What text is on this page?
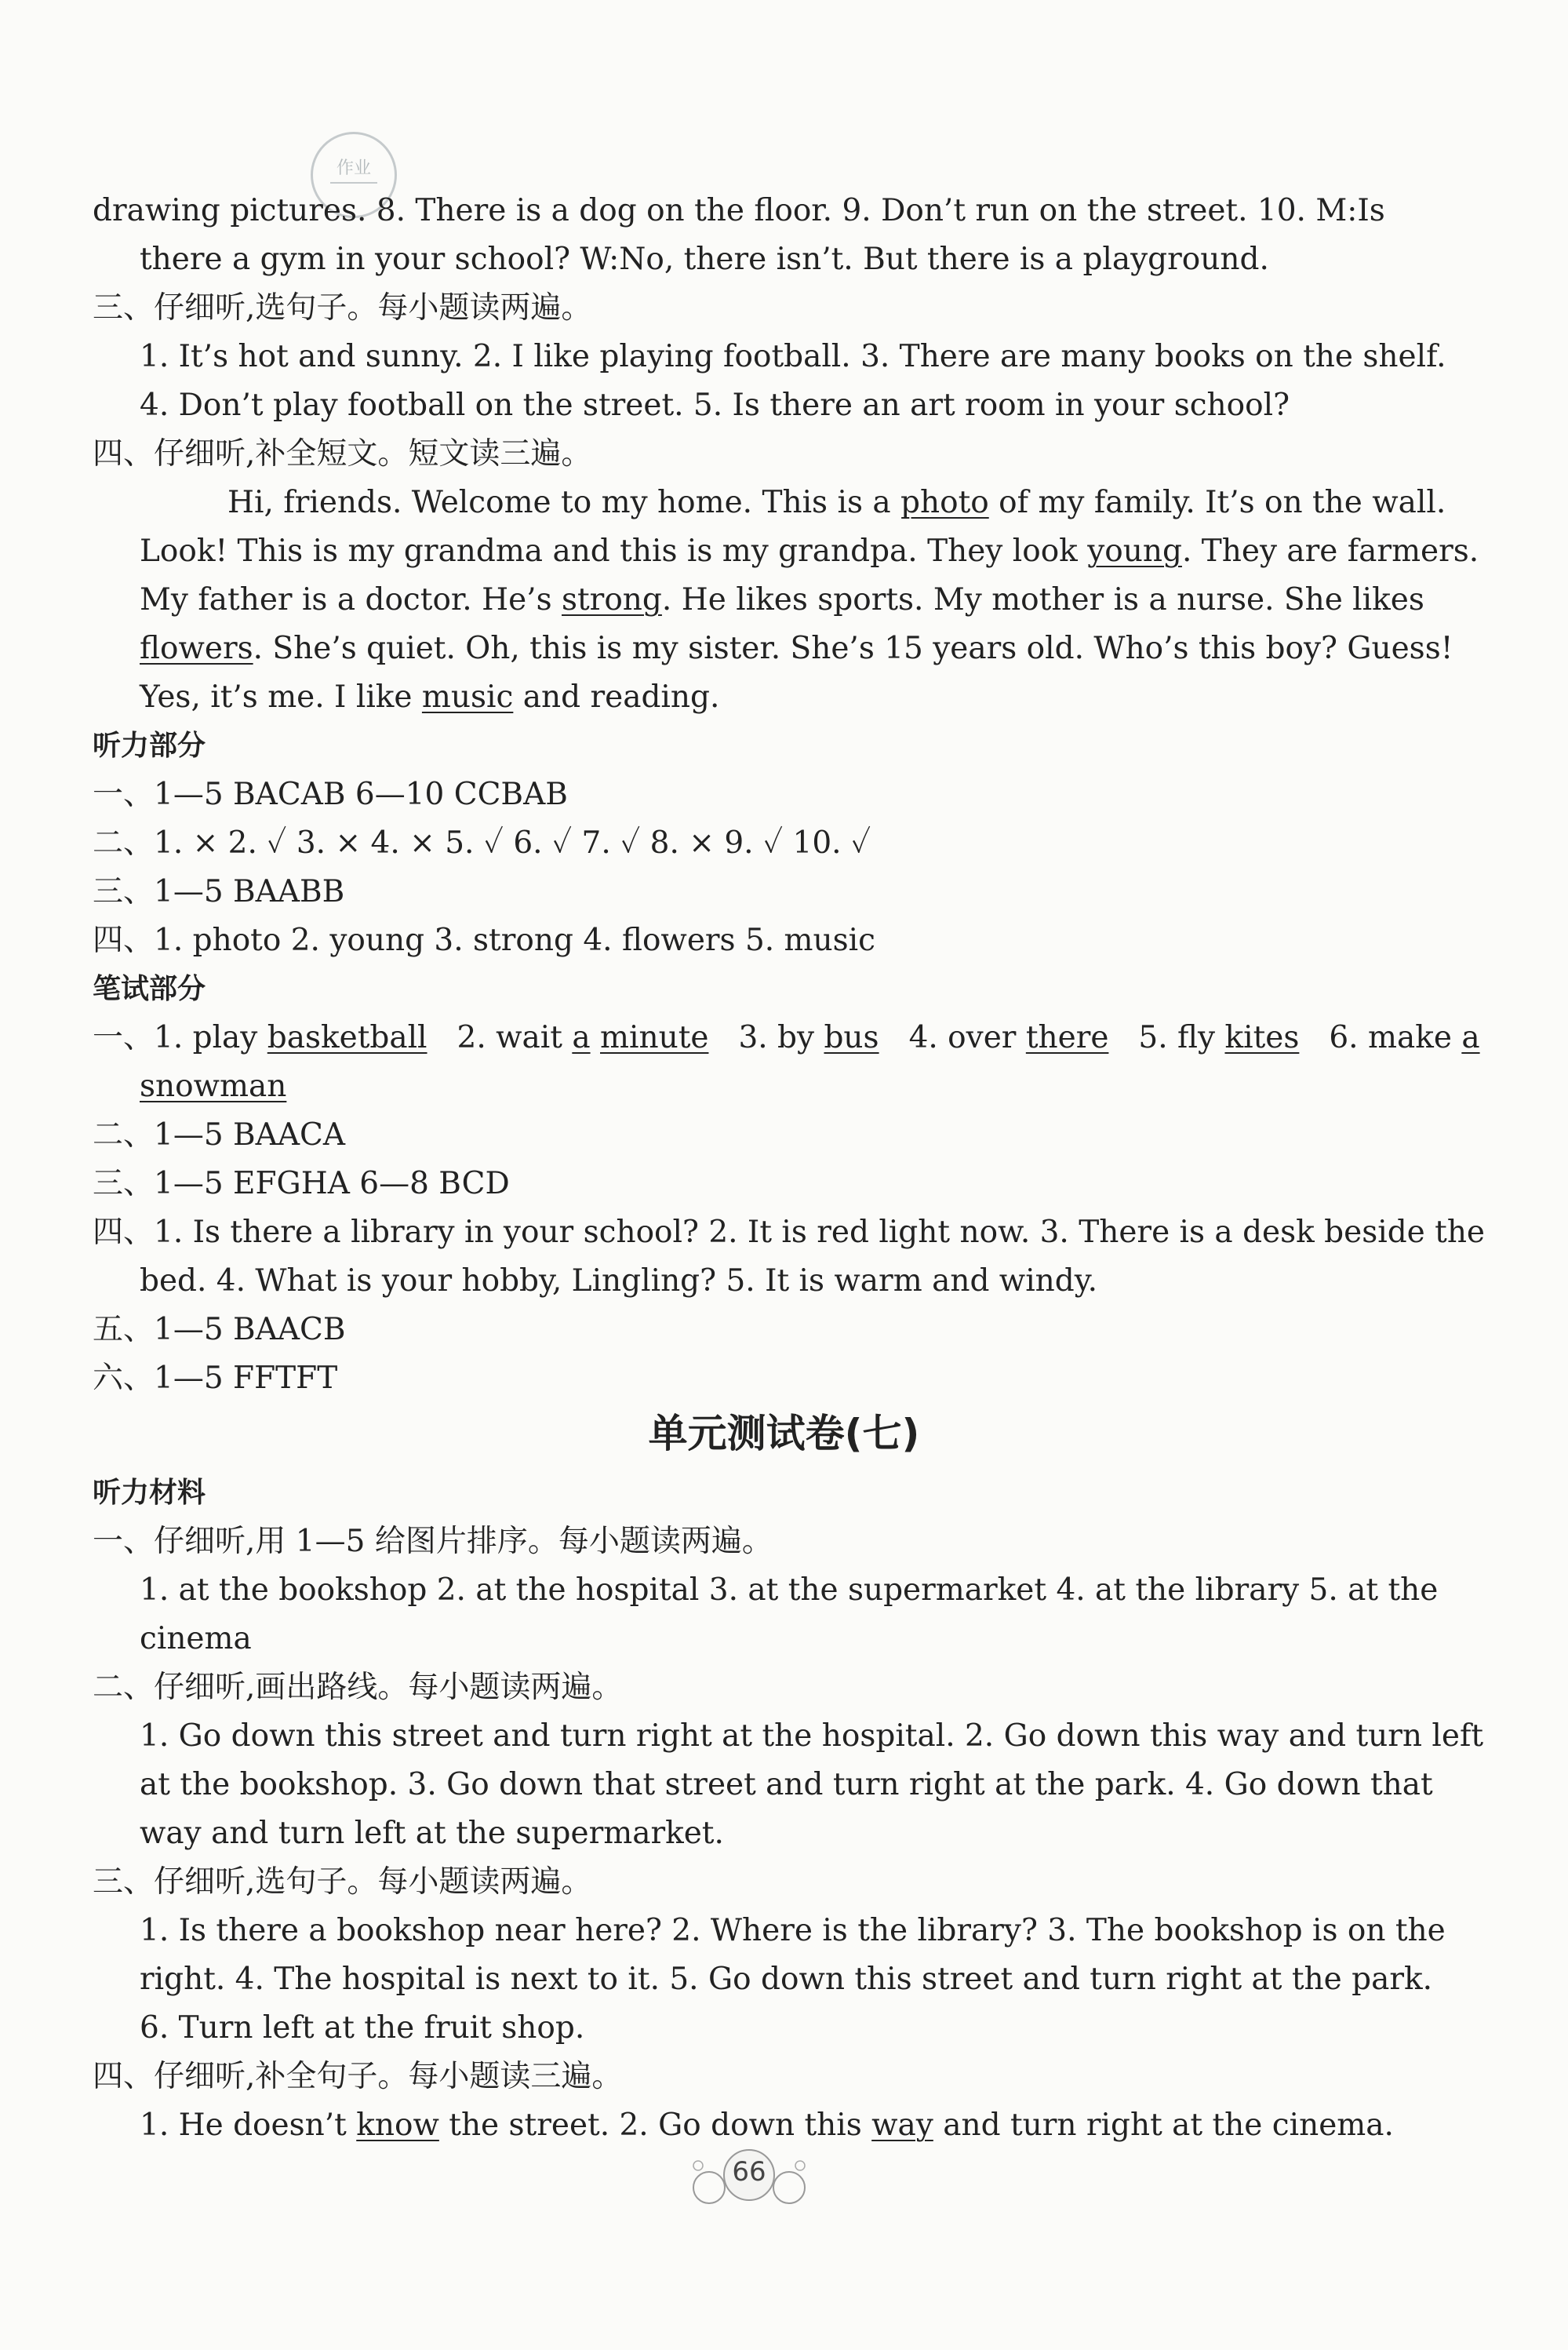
作业
drawing pictures. 8. There is a dog on the floor. 9. Don’t run on the street. 10. M:Is
there a gym in your school? W:No, there isn’t. But there is a playground.
三、仔细听,选句子。每小题读两遍。
1. It’s hot and sunny. 2. I like playing football. 3. There are many books on the shelf.
4. Don’t play football on the street. 5. Is there an art room in your school?
四、仔细听,补全短文。短文读三遍。
Hi, friends. Welcome to my home. This is a photo of my family. It’s on the wall.
Look! This is my grandma and this is my grandpa. They look young. They are farmers.
My father is a doctor. He’s strong. He likes sports. My mother is a nurse. She likes
flowers. She’s quiet. Oh, this is my sister. She’s 15 years old. Who’s this boy? Guess!
Yes, it’s me. I like music and reading.
听力部分
一、1—5 BACAB 6—10 CCBAB
二、1. × 2. ✓ 3. × 4. × 5. ✓ 6. ✓ 7. ✓ 8. × 9. ✓ 10. ✓
三、1—5 BAABB
四、1. photo 2. young 3. strong 4. flowers 5. music
笔试部分
一、1. play basketball 2. wait a minute 3. by bus 4. over there 5. fly kites 6. make a
snowman
二、1—5 BAACA
三、1—5 EFGHA 6—8 BCD
四、1. Is there a library in your school? 2. It is red light now. 3. There is a desk beside the
bed. 4. What is your hobby, Lingling? 5. It is warm and windy.
五、1—5 BAACB
六、1—5 FFTFT
单元测试卷(七)
听力材料
一、仔细听,用 1—5 给图片排序。每小题读两遍。
1. at the bookshop 2. at the hospital 3. at the supermarket 4. at the library 5. at the
cinema
二、仔细听,画出路线。每小题读两遍。
1. Go down this street and turn right at the hospital. 2. Go down this way and turn left
at the bookshop. 3. Go down that street and turn right at the park. 4. Go down that
way and turn left at the supermarket.
三、仔细听,选句子。每小题读两遍。
1. Is there a bookshop near here? 2. Where is the library? 3. The bookshop is on the
right. 4. The hospital is next to it. 5. Go down this street and turn right at the park.
6. Turn left at the fruit shop.
四、仔细听,补全句子。每小题读三遍。
1. He doesn’t know the street. 2. Go down this way and turn right at the cinema.
66
